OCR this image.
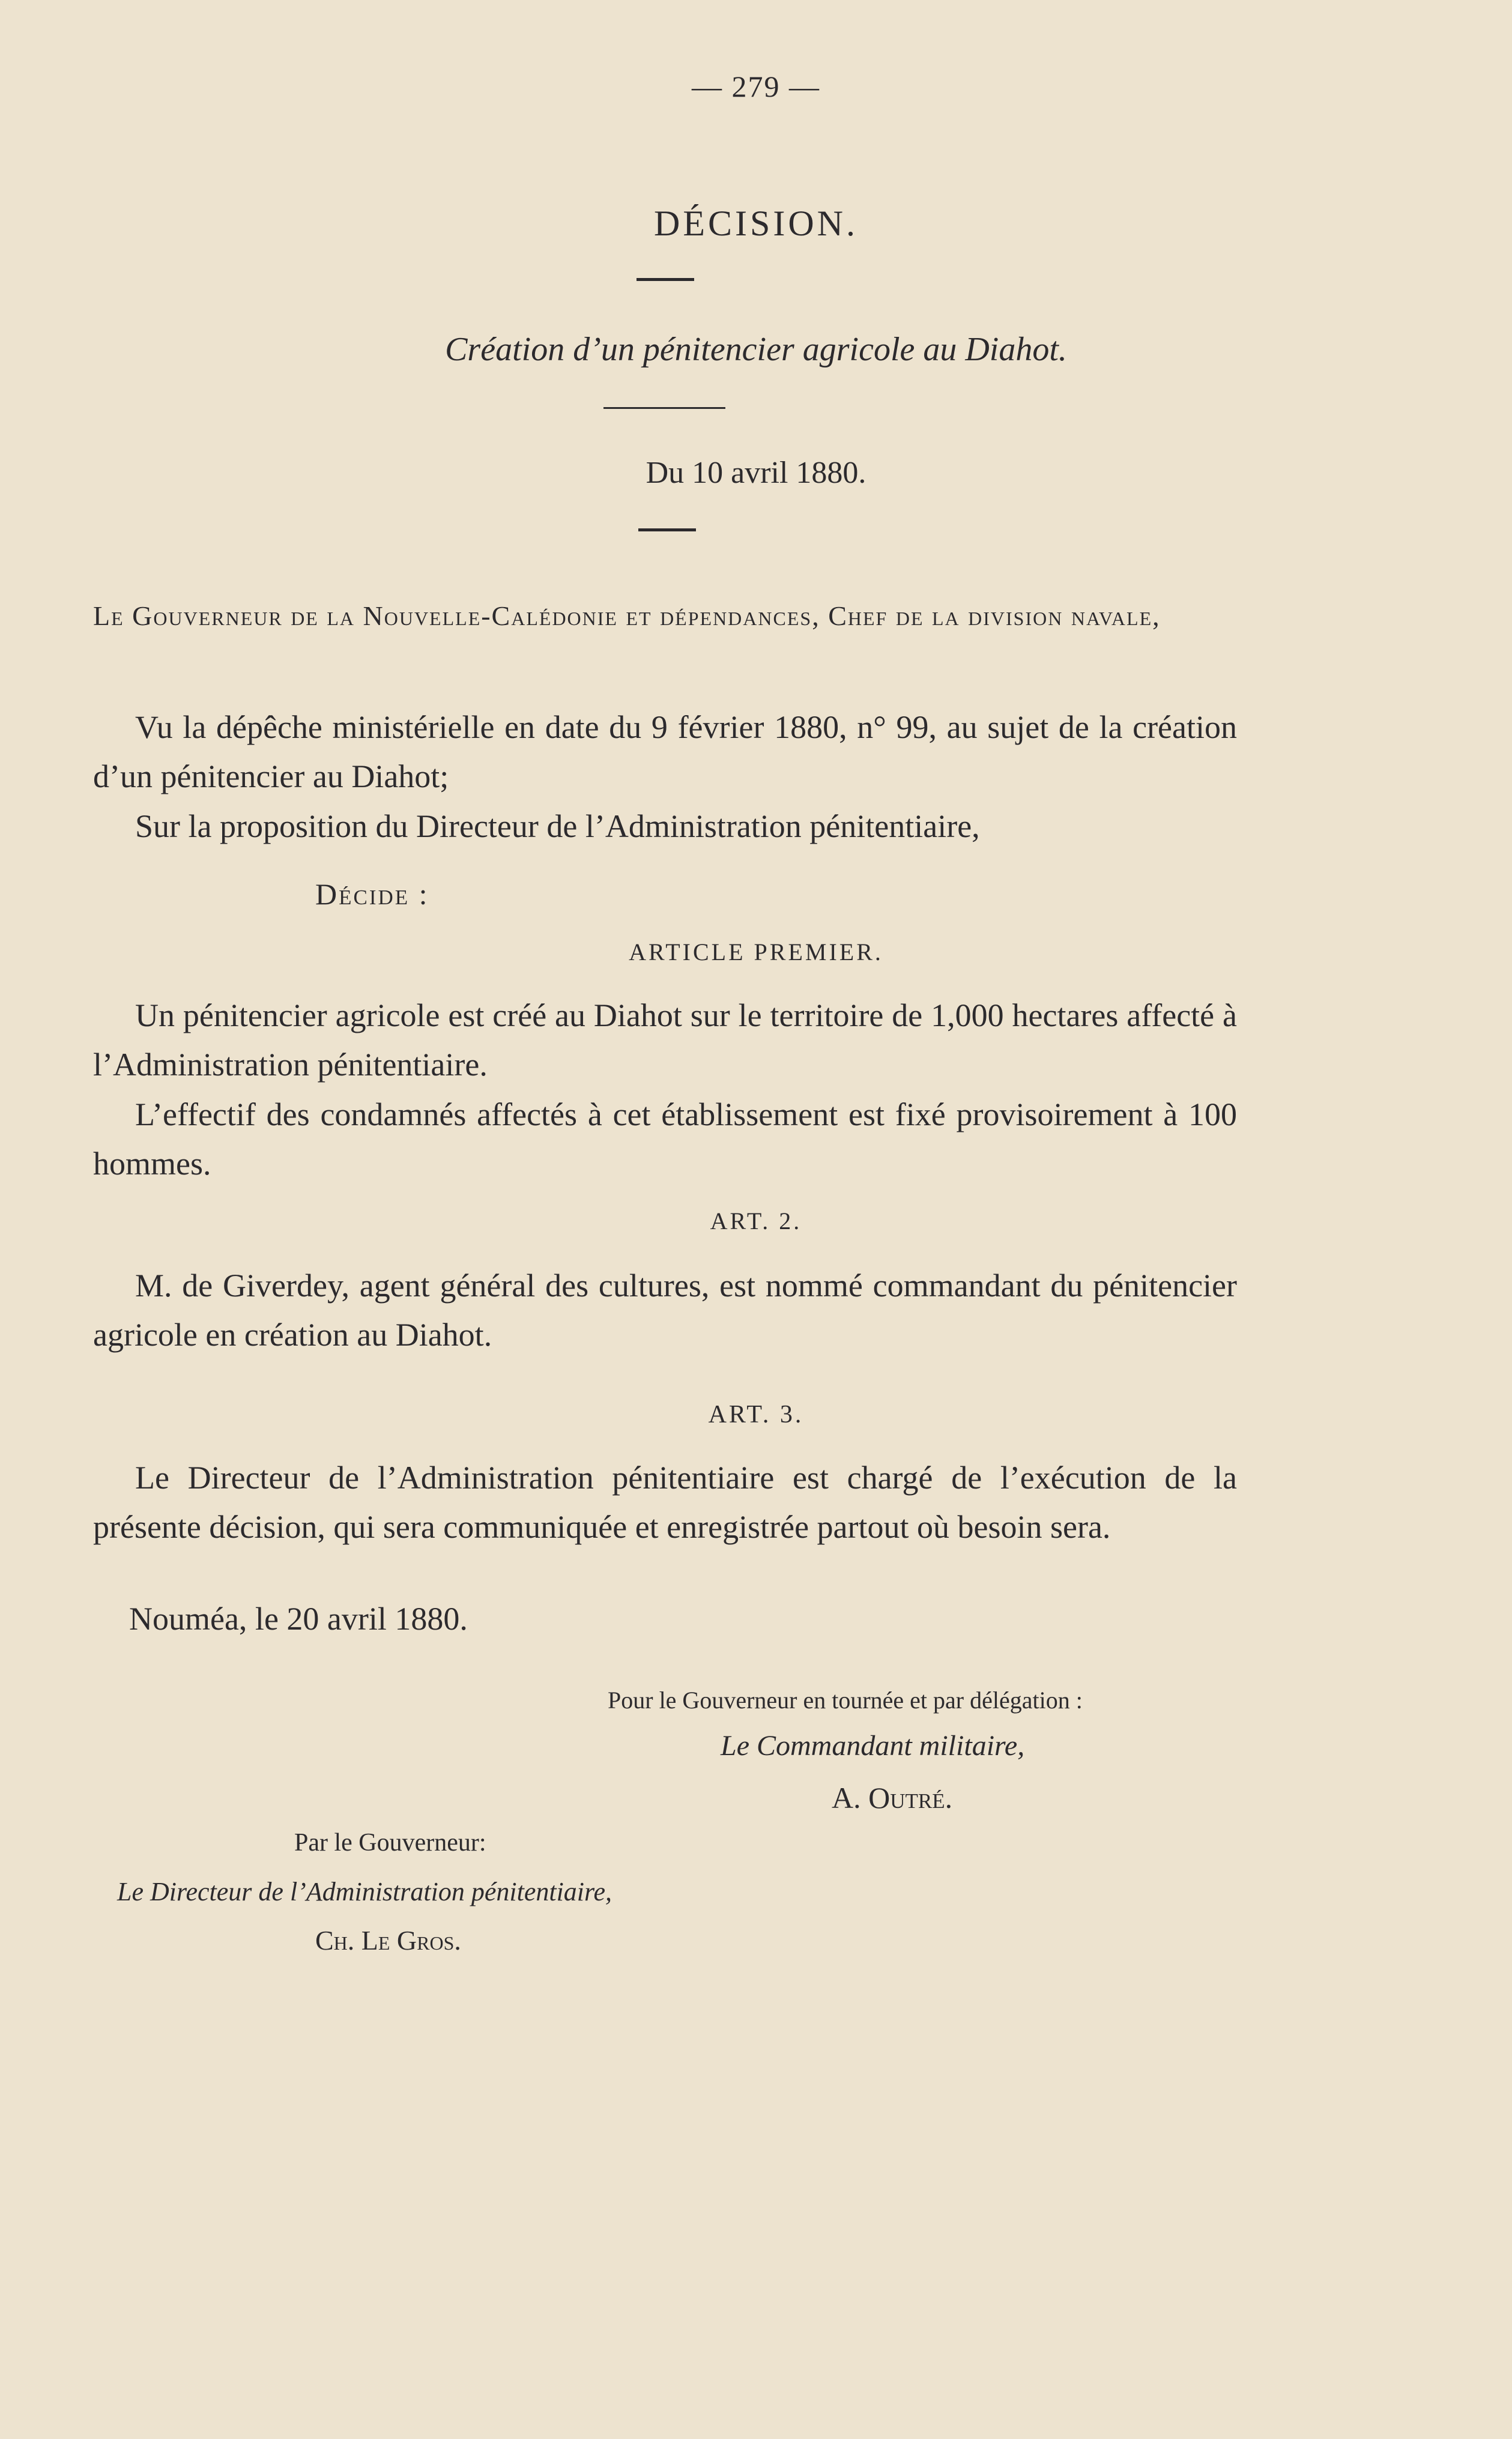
— 279 —
DÉCISION.
Création d’un pénitencier agricole au Diahot.
Du 10 avril 1880.
Le Gouverneur de la Nouvelle-Calédonie et dépendances, Chef de la division navale,
Vu la dépêche ministérielle en date du 9 février 1880, n° 99, au sujet de la création d’un pénitencier au Diahot;
Sur la proposition du Directeur de l’Administration pénitentiaire,
Décide :
ARTICLE PREMIER.
Un pénitencier agricole est créé au Diahot sur le territoire de 1,000 hectares affecté à l’Administration pénitentiaire.
L’effectif des condamnés affectés à cet établissement est fixé provisoirement à 100 hommes.
ART. 2.
M. de Giverdey, agent général des cultures, est nommé commandant du pénitencier agricole en création au Diahot.
ART. 3.
Le Directeur de l’Administration pénitentiaire est chargé de l’exécution de la présente décision, qui sera communiquée et enregistrée partout où besoin sera.
Nouméa, le 20 avril 1880.
Pour le Gouverneur en tournée et par délégation :
Le Commandant militaire,
A. Outré.
Par le Gouverneur:
Le Directeur de l’Administration pénitentiaire,
Ch. Le Gros.
